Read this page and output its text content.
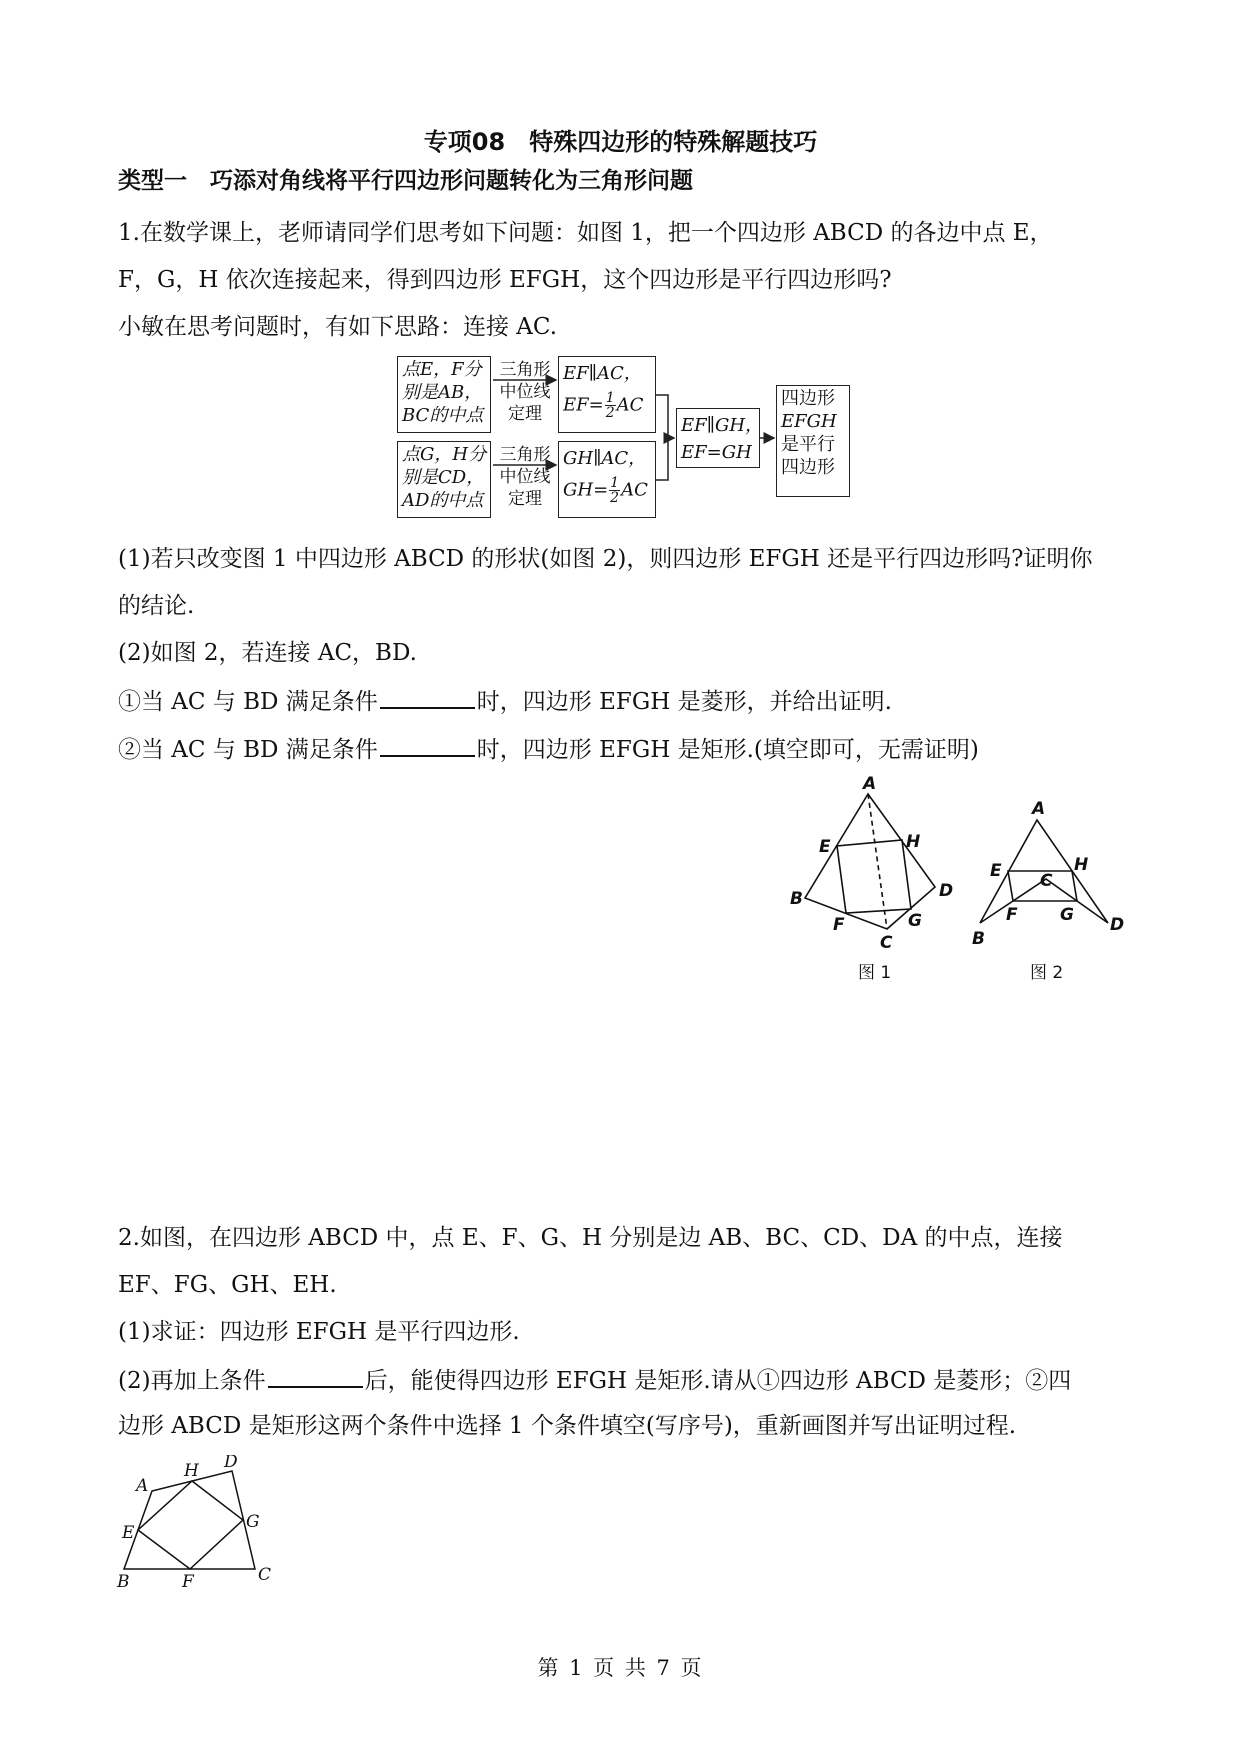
专项08　特殊四边形的特殊解题技巧
类型一　巧添对角线将平行四边形问题转化为三角形问题
1.在数学课上，老师请同学们思考如下问题：如图 1，把一个四边形 ABCD 的各边中点 E，
F，G，H 依次连接起来，得到四边形 EFGH，这个四边形是平行四边形吗?
小敏在思考问题时，有如下思路：连接 AC.
点E，F分
别是AB，
BC的中点
点G，H分
别是CD，
AD的中点
三角形
中位线
定理
三角形
中位线
定理
EF∥AC，
$EF= \frac{1}{2}$ AC
GH∥AC，
$GH= \frac{1}{2}$ AC
EF∥GH，
EF=GH
四边形
EFGH
是平行
四边形
(1)若只改变图 1 中四边形 ABCD 的形状(如图 2)，则四边形 EFGH 还是平行四边形吗?证明你
的结论.
(2)如图 2，若连接 AC，BD.
①当 AC 与 BD 满足条件	时，四边形 EFGH 是菱形，并给出证明.
②当 AC 与 BD 满足条件	时，四边形 EFGH 是矩形.(填空即可，无需证明)
A
E	H
B	D
F	G
C
图 1
A
E	H
C
B
F G D
图 2
2.如图，在四边形 ABCD 中，点 E、F、G、H 分别是边 AB、BC、CD、DA 的中点，连接
EF、FG、GH、EH.
(1)求证：四边形 EFGH 是平行四边形.
(2)再加上条件	后，能使得四边形 EFGH 是矩形.请从①四边形 ABCD 是菱形；②四
边形 ABCD 是矩形这两个条件中选择 1 个条件填空(写序号)，重新画图并写出证明过程.
A
H D
E
G
B	F	C
第 1 页 共 7 页
